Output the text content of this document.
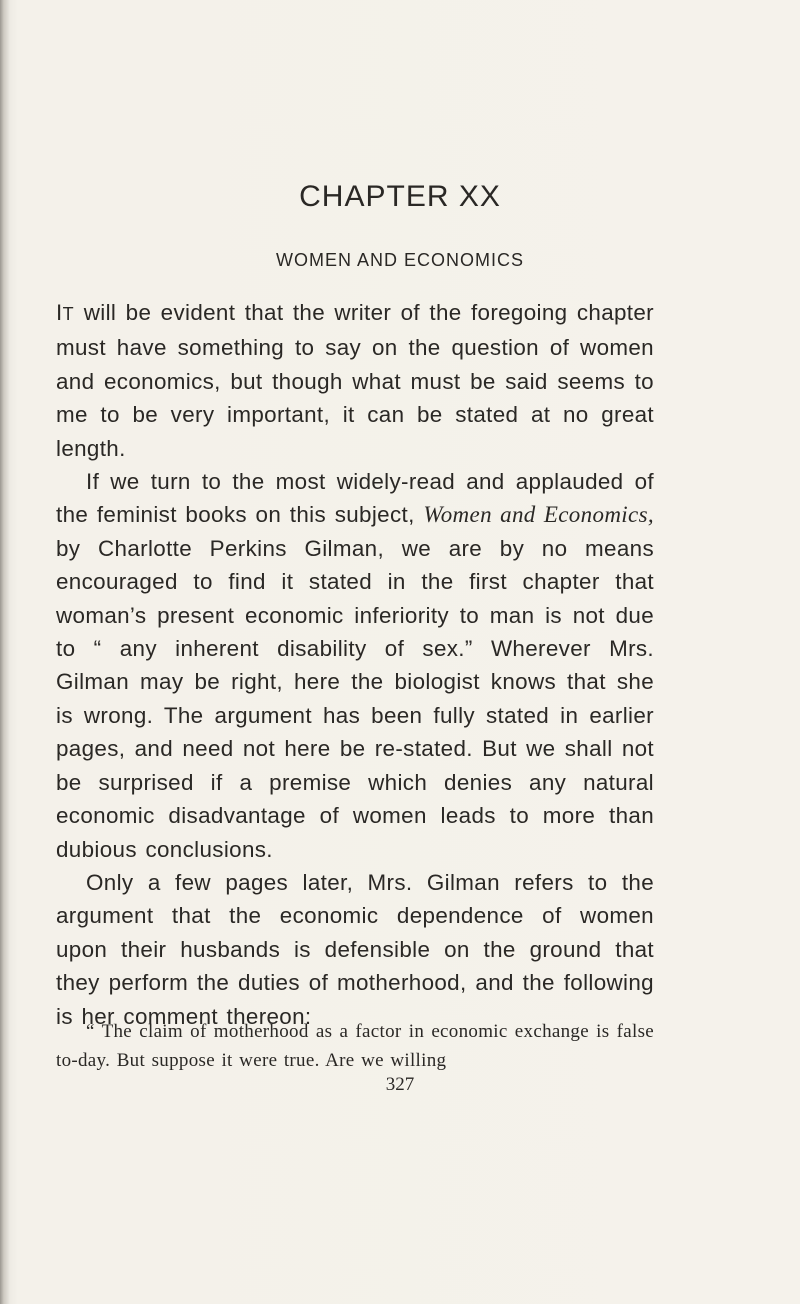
CHAPTER XX
WOMEN AND ECONOMICS

IT will be evident that the writer of the foregoing chapter must have something to say on the question of women and economics, but though what must be said seems to me to be very important, it can be stated at no great length.

If we turn to the most widely-read and applauded of the feminist books on this subject, Women and Economics, by Charlotte Perkins Gilman, we are by no means encouraged to find it stated in the first chapter that woman’s present economic inferiority to man is not due to “ any inherent disability of sex.” Wherever Mrs. Gilman may be right, here the biologist knows that she is wrong. The argument has been fully stated in earlier pages, and need not here be re-stated. But we shall not be surprised if a premise which denies any natural economic disadvantage of women leads to more than dubious conclusions.

Only a few pages later, Mrs. Gilman refers to the argument that the economic dependence of women upon their husbands is defensible on the ground that they perform the duties of motherhood, and the following is her comment thereon:

“ The claim of motherhood as a factor in economic exchange is false to-day. But suppose it were true. Are we willing

327
